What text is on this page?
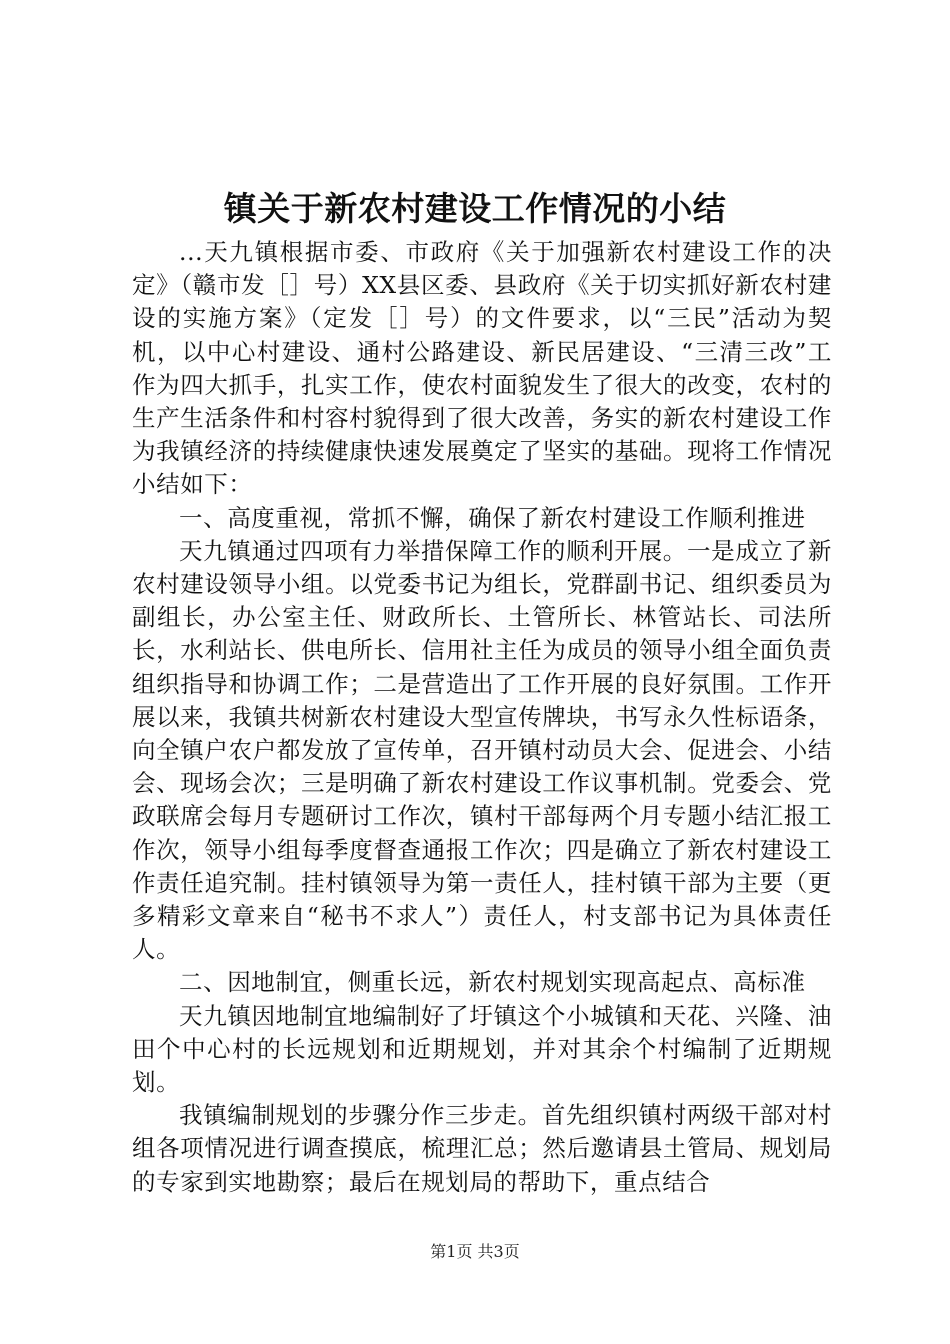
镇关于新农村建设工作情况的小结

...天九镇根据市委、市政府《关于加强新农村建设工作的决定》（赣市发［］号）XX县区委、县政府《关于切实抓好新农村建设的实施方案》（定发［］号）的文件要求，以“三民”活动为契机，以中心村建设、通村公路建设、新民居建设、“三清三改”工作为四大抓手，扎实工作，使农村面貌发生了很大的改变，农村的生产生活条件和村容村貌得到了很大改善，务实的新农村建设工作为我镇经济的持续健康快速发展奠定了坚实的基础。现将工作情况小结如下：

一、高度重视，常抓不懈，确保了新农村建设工作顺利推进

天九镇通过四项有力举措保障工作的顺利开展。一是成立了新农村建设领导小组。以党委书记为组长，党群副书记、组织委员为副组长，办公室主任、财政所长、土管所长、林管站长、司法所长，水利站长、供电所长、信用社主任为成员的领导小组全面负责组织指导和协调工作；二是营造出了工作开展的良好氛围。工作开展以来，我镇共树新农村建设大型宣传牌块，书写永久性标语条，向全镇户农户都发放了宣传单，召开镇村动员大会、促进会、小结会、现场会次；三是明确了新农村建设工作议事机制。党委会、党政联席会每月专题研讨工作次，镇村干部每两个月专题小结汇报工作次，领导小组每季度督查通报工作次；四是确立了新农村建设工作责任追究制。挂村镇领导为第一责任人，挂村镇干部为主要（更多精彩文章来自“秘书不求人”）责任人，村支部书记为具体责任人。

二、因地制宜，侧重长远，新农村规划实现高起点、高标准

天九镇因地制宜地编制好了圩镇这个小城镇和天花、兴隆、油田个中心村的长远规划和近期规划，并对其余个村编制了近期规划。

我镇编制规划的步骤分作三步走。首先组织镇村两级干部对村组各项情况进行调查摸底，梳理汇总；然后邀请县土管局、规划局的专家到实地勘察；最后在规划局的帮助下，重点结合

第1页 共3页
